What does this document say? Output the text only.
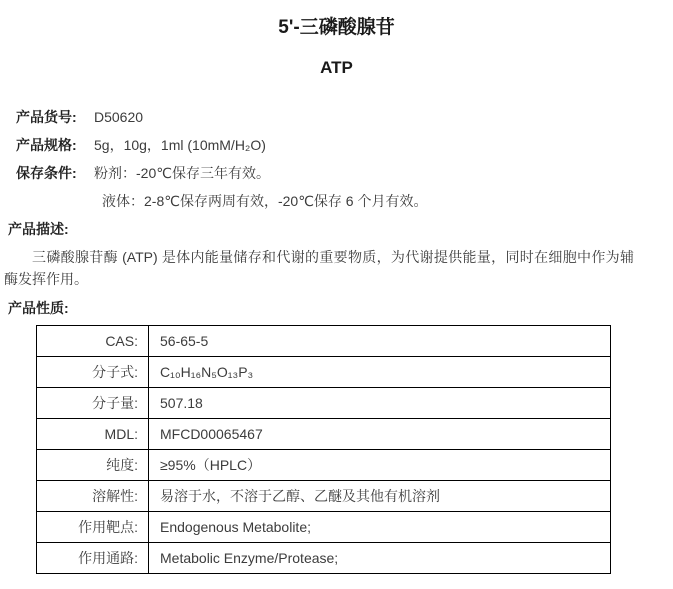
5'-三磷酸腺苷
ATP
产品货号:	D50620
产品规格:	5g，10g，1ml (10mM/H₂O)
保存条件:	粉剂：-20℃保存三年有效。
液体：2-8℃保存两周有效，-20℃保存 6 个月有效。
产品描述:
三磷酸腺苷酶 (ATP) 是体内能量储存和代谢的重要物质，为代谢提供能量，同时在细胞中作为辅酶发挥作用。
产品性质:
CAS:	56-65-5
分子式:	C₁₀H₁₆N₅O₁₃P₃
分子量:	507.18
MDL:	MFCD00065467
纯度:	≥95%（HPLC）
溶解性:	易溶于水，不溶于乙醇、乙醚及其他有机溶剂
作用靶点:	Endogenous Metabolite;
作用通路:	Metabolic Enzyme/Protease;
